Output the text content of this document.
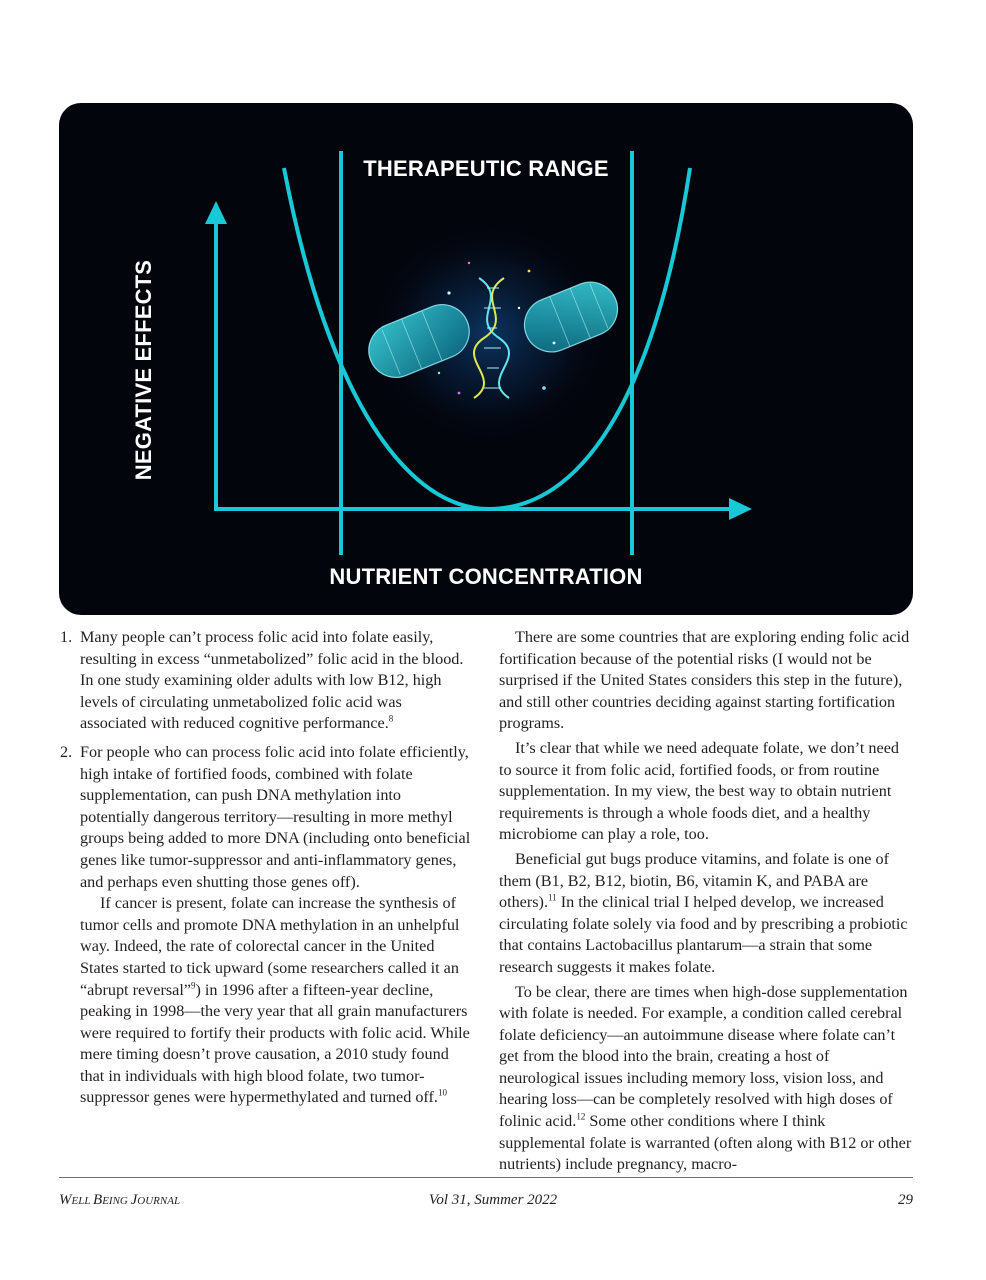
THERAPEUTIC RANGE
NEGATIVE EFFECTS
NUTRIENT CONCENTRATION
1. Many people can’t process folic acid into folate easily, resulting in excess “unmetabolized” folic acid in the blood. In one study examining older adults with low B12, high levels of circulating unmetabolized folic acid was associated with reduced cognitive performance.$^8$
2. For people who can process folic acid into folate efficiently, high intake of fortified foods, combined with folate supplementation, can push DNA methylation into potentially dangerous territory—resulting in more methyl groups being added to more DNA (including onto beneficial genes like tumor-suppressor and anti-inflammatory genes, and perhaps even shutting those genes off).

If cancer is present, folate can increase the synthesis of tumor cells and promote DNA methylation in an unhelpful way. Indeed, the rate of colorectal cancer in the United States started to tick upward (some researchers called it an “abrupt reversal”$^9$) in 1996 after a fifteen-year decline, peaking in 1998—the very year that all grain manufacturers were required to fortify their products with folic acid. While mere timing doesn’t prove causation, a 2010 study found that in individuals with high blood folate, two tumor-suppressor genes were hypermethylated and turned off.$^{10}$

There are some countries that are exploring ending folic acid fortification because of the potential risks (I would not be surprised if the United States considers this step in the future), and still other countries deciding against starting fortification programs.

It’s clear that while we need adequate folate, we don’t need to source it from folic acid, fortified foods, or from routine supplementation. In my view, the best way to obtain nutrient requirements is through a whole foods diet, and a healthy microbiome can play a role, too.

Beneficial gut bugs produce vitamins, and folate is one of them (B1, B2, B12, biotin, B6, vitamin K, and PABA are others).$^{11}$ In the clinical trial I helped develop, we increased circulating folate solely via food and by prescribing a probiotic that contains Lactobacillus plantarum—a strain that some research suggests it makes folate.

To be clear, there are times when high-dose supplementation with folate is needed. For example, a condition called cerebral folate deficiency—an autoimmune disease where folate can’t get from the blood into the brain, creating a host of neurological issues including memory loss, vision loss, and hearing loss—can be completely resolved with high doses of folinic acid.$^{12}$ Some other conditions where I think supplemental folate is warranted (often along with B12 or other nutrients) include pregnancy, macro-

WELL BEING JOURNAL	Vol 31, Summer 2022	29
